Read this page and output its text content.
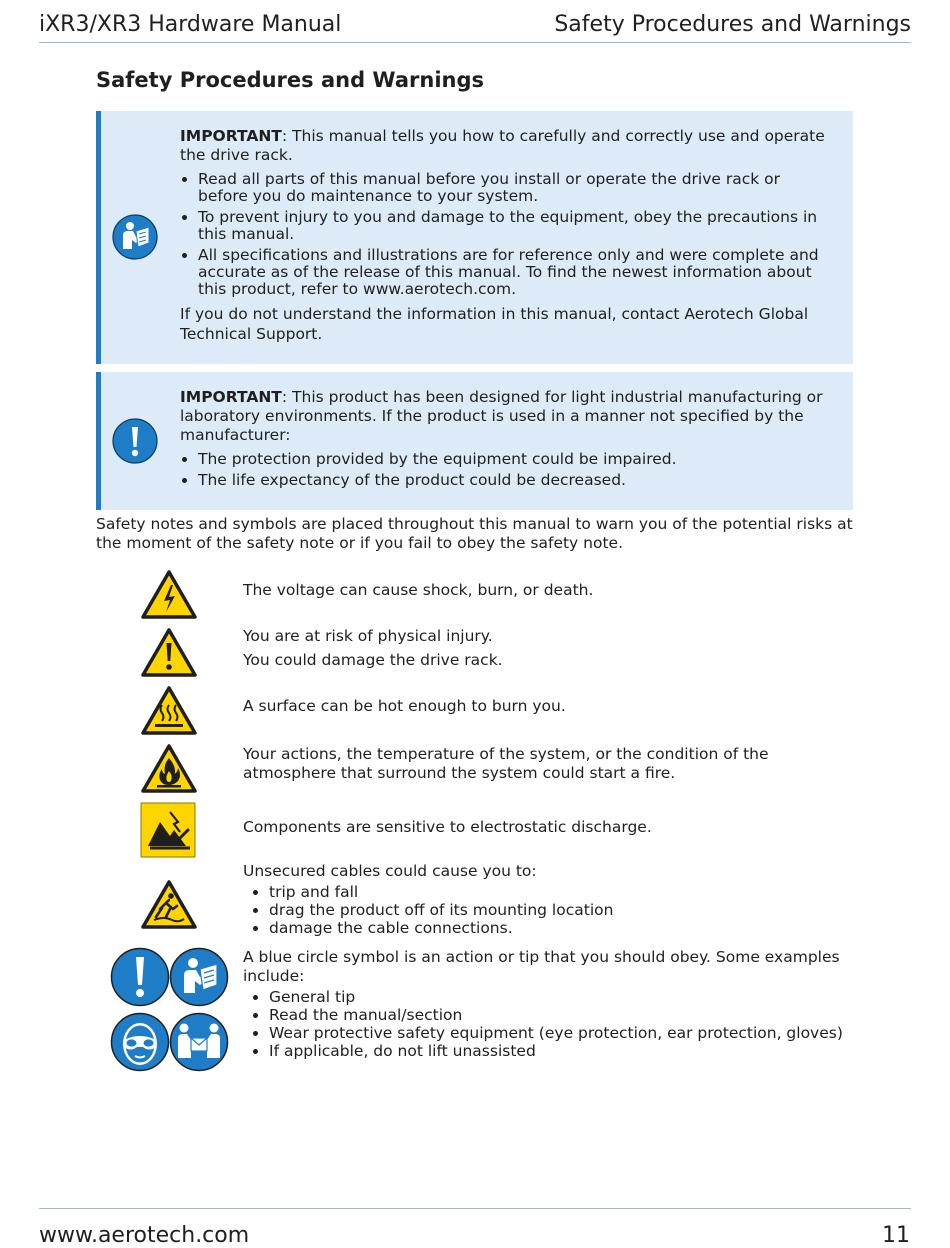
iXR3/XR3 Hardware Manual	Safety Procedures and Warnings
Safety Procedures and Warnings

IMPORTANT: This manual tells you how to carefully and correctly use and operate the drive rack.

• Read all parts of this manual before you install or operate the drive rack or before you do maintenance to your system.
• To prevent injury to you and damage to the equipment, obey the precautions in this manual.
• All specifications and illustrations are for reference only and were complete and accurate as of the release of this manual. To find the newest information about this product, refer to www.aerotech.com.

If you do not understand the information in this manual, contact Aerotech Global Technical Support.

IMPORTANT: This product has been designed for light industrial manufacturing or laboratory environments. If the product is used in a manner not specified by the manufacturer:

• The protection provided by the equipment could be impaired.
• The life expectancy of the product could be decreased.

Safety notes and symbols are placed throughout this manual to warn you of the potential risks at the moment of the safety note or if you fail to obey the safety note.

The voltage can cause shock, burn, or death.

You are at risk of physical injury.
You could damage the drive rack.

A surface can be hot enough to burn you.

Your actions, the temperature of the system, or the condition of the atmosphere that surround the system could start a fire.

Components are sensitive to electrostatic discharge.

Unsecured cables could cause you to:

• trip and fall
• drag the product off of its mounting location
• damage the cable connections.

A blue circle symbol is an action or tip that you should obey. Some examples include:

• General tip
• Read the manual/section
• Wear protective safety equipment (eye protection, ear protection, gloves)
• If applicable, do not lift unassisted
www.aerotech.com	11
